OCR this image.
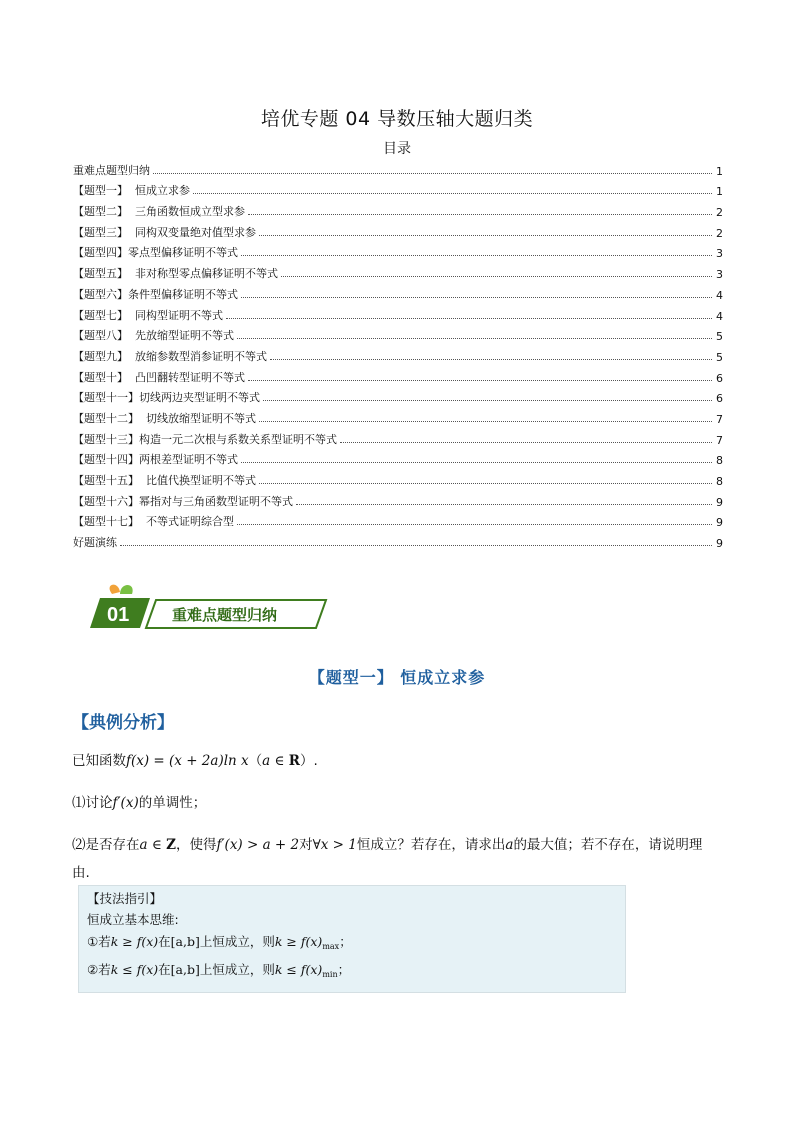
培优专题 04 导数压轴大题归类
目录
重难点题型归纳	1
【题型一】  恒成立求参	1
【题型二】  三角函数恒成立型求参	2
【题型三】  同构双变量绝对值型求参	2
【题型四】零点型偏移证明不等式	3
【题型五】  非对称型零点偏移证明不等式	3
【题型六】条件型偏移证明不等式	4
【题型七】  同构型证明不等式	4
【题型八】  先放缩型证明不等式	5
【题型九】  放缩参数型消参证明不等式	5
【题型十】  凸凹翻转型证明不等式	6
【题型十一】切线两边夹型证明不等式	6
【题型十二】  切线放缩型证明不等式	7
【题型十三】构造一元二次根与系数关系型证明不等式	7
【题型十四】两根差型证明不等式	8
【题型十五】  比值代换型证明不等式	8
【题型十六】幂指对与三角函数型证明不等式	9
【题型十七】  不等式证明综合型	9
好题演练	9
01	重难点题型归纳
【题型一】 恒成立求参
【典例分析】
已知函数f(x) = (x + 2a)ln x（a ∈ R）.
⑴讨论f′(x)的单调性；
⑵是否存在a ∈ Z，使得f′(x) > a + 2对∀x > 1恒成立？若存在，请求出a的最大值；若不存在，请说明理
由.
【技法指引】
恒成立基本思维:
①若k ≥ f(x)在[a,b]上恒成立，则$k \ge f(x)_{max}$；
②若k ≤ f(x)在[a,b]上恒成立，则$k \le f(x)_{min}$；
